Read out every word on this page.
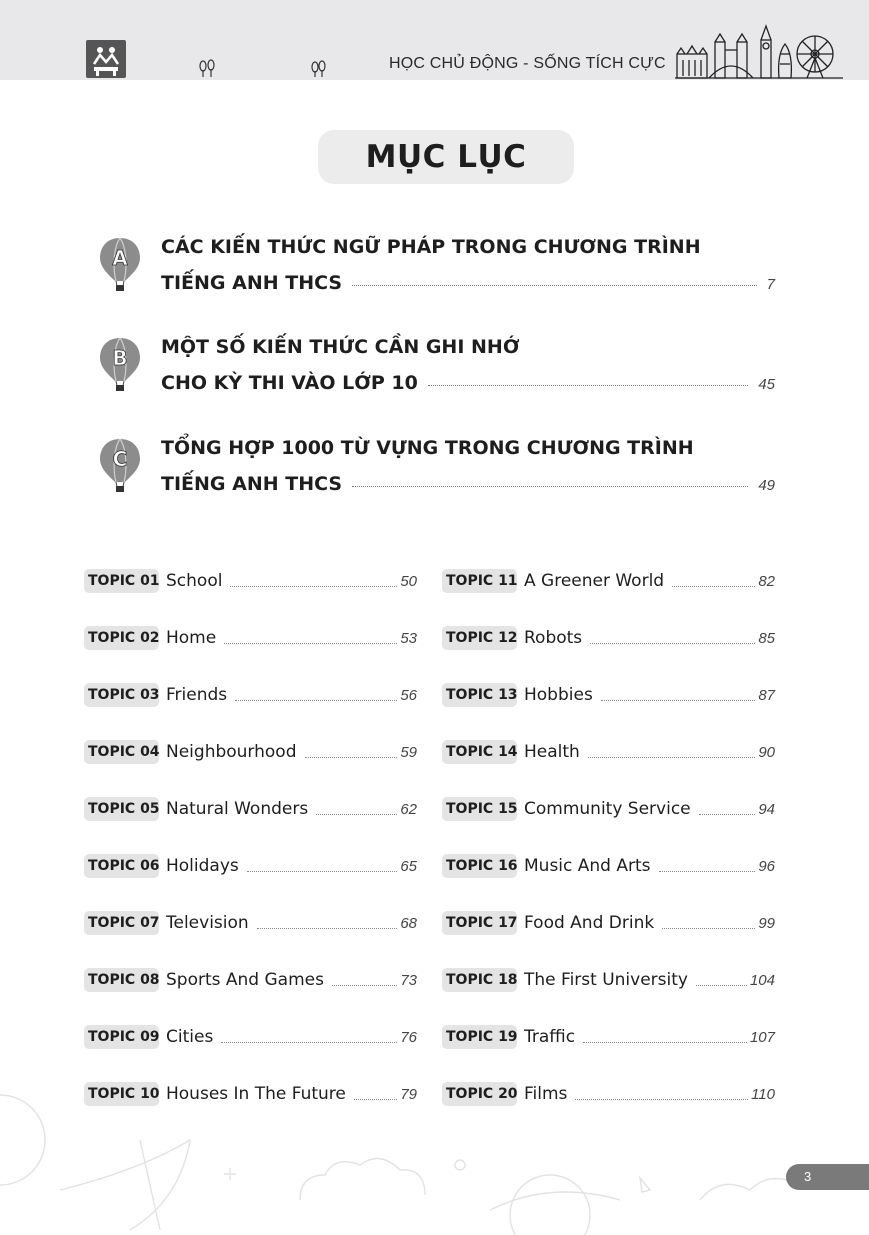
HỌC CHỦ ĐỘNG - SỐNG TÍCH CỰC
MỤC LỤC
A CÁC KIẾN THỨC NGỮ PHÁP TRONG CHƯƠNG TRÌNH
TIẾNG ANH THCS	7
B MỘT SỐ KIẾN THỨC CẦN GHI NHỚ
CHO KỲ THI VÀO LỚP 10	45
C TỔNG HỢP 1000 TỪ VỰNG TRONG CHƯƠNG TRÌNH
TIẾNG ANH THCS	49
TOPIC 01 School	50
TOPIC 02 Home	53
TOPIC 03 Friends	56
TOPIC 04 Neighbourhood	59
TOPIC 05 Natural Wonders	62
TOPIC 06 Holidays	65
TOPIC 07 Television	68
TOPIC 08 Sports And Games	73
TOPIC 09 Cities	76
TOPIC 10 Houses In The Future	79
TOPIC 11 A Greener World	82
TOPIC 12 Robots	85
TOPIC 13 Hobbies	87
TOPIC 14 Health	90
TOPIC 15 Community Service	94
TOPIC 16 Music And Arts	96
TOPIC 17 Food And Drink	99
TOPIC 18 The First University	104
TOPIC 19 Traffic	107
TOPIC 20 Films	110
3
